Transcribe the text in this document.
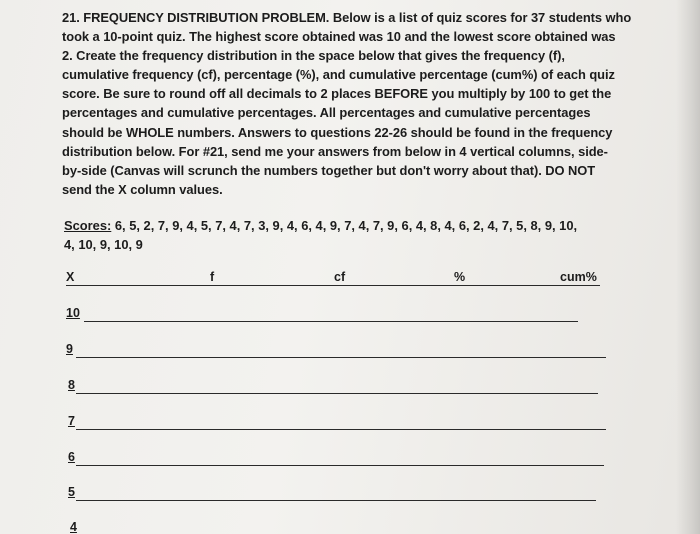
21. FREQUENCY DISTRIBUTION PROBLEM. Below is a list of quiz scores for 37 students who
took a 10-point quiz. The highest score obtained was 10 and the lowest score obtained was
2. Create the frequency distribution in the space below that gives the frequency (f),
cumulative frequency (cf), percentage (%), and cumulative percentage (cum%) of each quiz
score. Be sure to round off all decimals to 2 places BEFORE you multiply by 100 to get the
percentages and cumulative percentages. All percentages and cumulative percentages
should be WHOLE numbers. Answers to questions 22-26 should be found in the frequency
distribution below. For #21, send me your answers from below in 4 vertical columns, side-
by-side (Canvas will scrunch the numbers together but don't worry about that). DO NOT
send the X column values.
Scores: 6, 5, 2, 7, 9, 4, 5, 7, 4, 7, 3, 9, 4, 6, 4, 9, 7, 4, 7, 9, 6, 4, 8, 4, 6, 2, 4, 7, 5, 8, 9, 10,
4, 10, 9, 10, 9
X	f	cf	%	cum%
10
9
8
7
6
5
4
